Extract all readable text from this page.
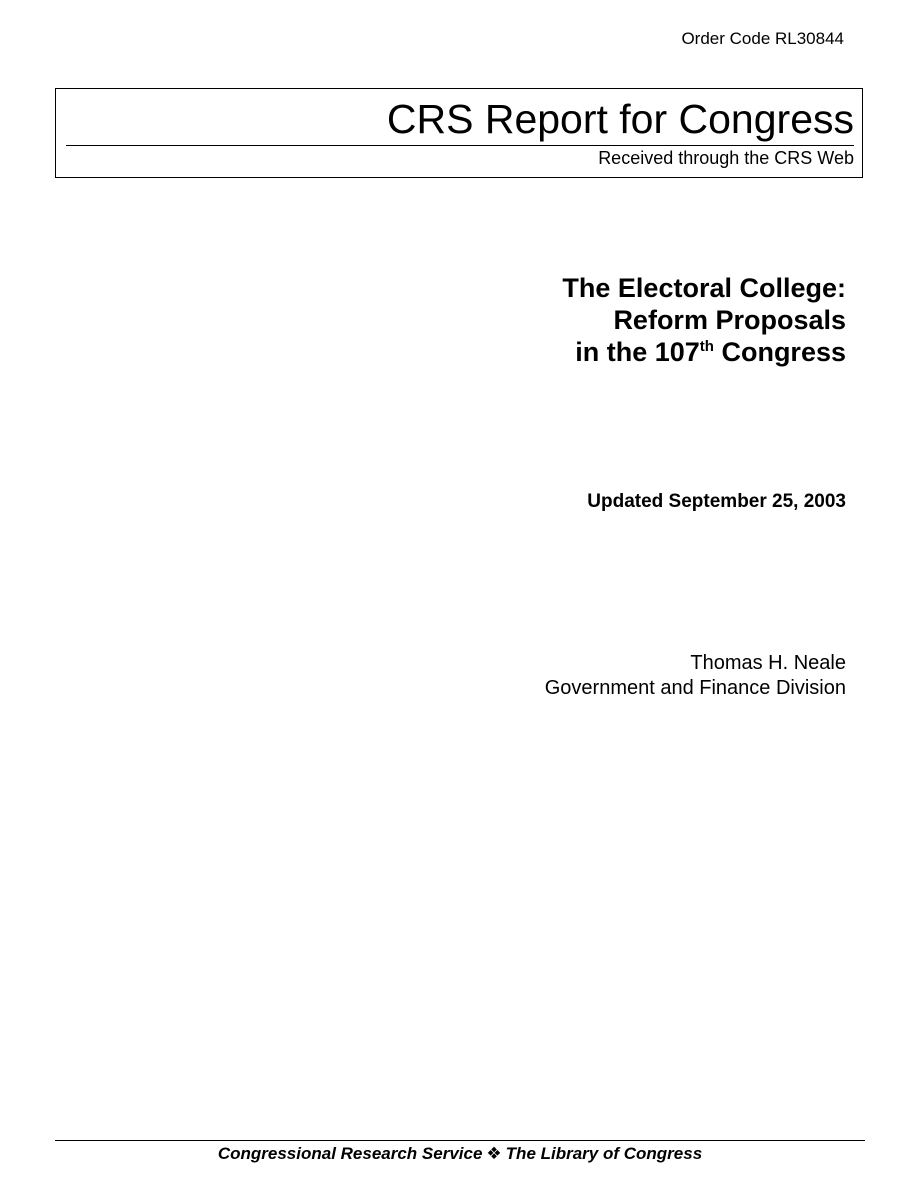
Order Code RL30844
CRS Report for Congress
Received through the CRS Web
The Electoral College:
Reform Proposals
in the 107th Congress
Updated September 25, 2003
Thomas H. Neale
Government and Finance Division
Congressional Research Service ❖ The Library of Congress
